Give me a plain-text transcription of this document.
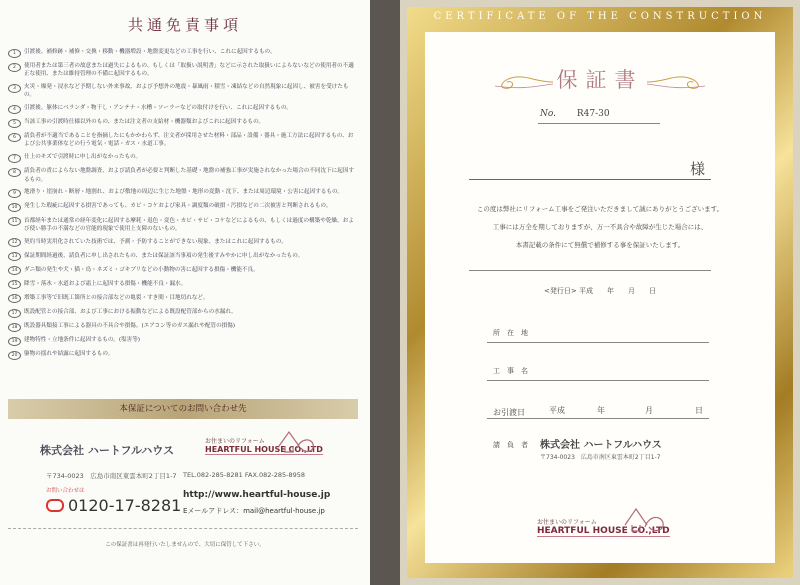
共通免責事項
1	引渡後、補修跡・補修・交換・移動・機器増設・地盤変更などの工事を行い、これに起因するもの。
2	使用者または第三者の故意または過失によるもの、もしくは「取扱い説明書」などに示された取扱いによらないなどの使用者の不適正な使用、または維持管理の不備に起因するもの。
3	火災・爆発・浸水など予期しない外来事故、および予想外の地震・暴風雨・積雪・凍結などの自然現象に起因し、被害を受けたもの。
4	引渡後、躯体にベランダ・物干し・アンテナ・水槽・ソーラーなどの取付けを行い、これに起因するもの。
5	当該工事の引渡時仕様以外のもの、または注文者の支給材・機器類およびこれに起因するもの。
6	請負者が不適当であることを指摘したにもかかわらず、注文者が採用させた材料・部品・設備・器具・施工方法に起因するもの、および公共事業体などの行う電気・電話・ガス・水道工事。
7	仕上のキズで引渡時に申し出がなかったもの。
8	請負者の責によらない地盤調査、および請負者が必要と判断した基礎・地盤の補強工事が実施されなかった場合の不同沈下に起因するもの。
9	地滑り・崖崩れ・断層・地割れ、および敷地の周辺に生じた地盤・地形の変動・沈下、または周辺環境・公害に起因するもの。
10	発生した瑕疵に起因する損害であっても、カビ・コケおよび家具・調度類の破損・汚損などの二次被害と判断されるもの。
11	首都経年または通常の経年変化に起因する摩耗・退色・変色・カビ・サビ・コケなどによるもの、もしくは過度の構築や乾燥、および使い勝手の不満などの官能的現象で使用上支障のないもの。
12	契約当時実用化されていた技術では、予測・予防することができない現象、またはこれに起因するもの。
13	保証期間経過後、請負者に申し出されたもの、または保証該当事項の発生後すみやかに申し出がなかったもの。
14	ダニ類の発生や犬・猫・鳥・ネズミ・ゴキブリなどの小動物の害に起因する損傷・機能不良。
15	降雪・落氷・水道および霜上に起因する損傷・機能不良・漏水。
16	増築工事等で旧既工箇所との接合部などの亀裂・すき間・目地切れなど。
17	既設配管との接合部、および工事における振動などによる既設配管部からの水漏れ。
18	既設器具類接工事による器具の不具合や損傷。(エアコン等のガス漏れや配管の損傷)
19	建物特性・立地条件に起因するもの。(塩害等)
20	躯物の揺れや結露に起因するもの。
本保証についてのお問い合わせ先
株式会社 ハートフルハウス
お住まいのリフォーム
HEARTFUL HOUSE CO.,LTD
〒734-0023　広島市南区東雲本町2丁目1-7 TEL.082-285-8281 FAX.082-285-8958
お問い合わせは
0120-17-8281
http://www.heartful-house.jp
Eメールアドレス：mail@heartful-house.jp
この保証書は再発行いたしませんので、大切に保管して下さい。
CERTIFICATE OF THE CONSTRUCTION
保証書
No. R47-30
様
この度は弊社にリフォーム工事をご発注いただきまして誠にありがとうございます。
工事には万全を期しておりますが、万一不具合や故障が生じた場合には、
本書記載の条件にて無償で補修する事を保証いたします。
<発行日> 平成　　年　　月　　日
所　在　地
工　事　名
お引渡日	平成	年	月	日
請　負　者 株式会社 ハートフルハウス
〒734-0023　広島市南区東雲本町2丁目1-7
お住まいのリフォーム
HEARTFUL HOUSE CO.,LTD
